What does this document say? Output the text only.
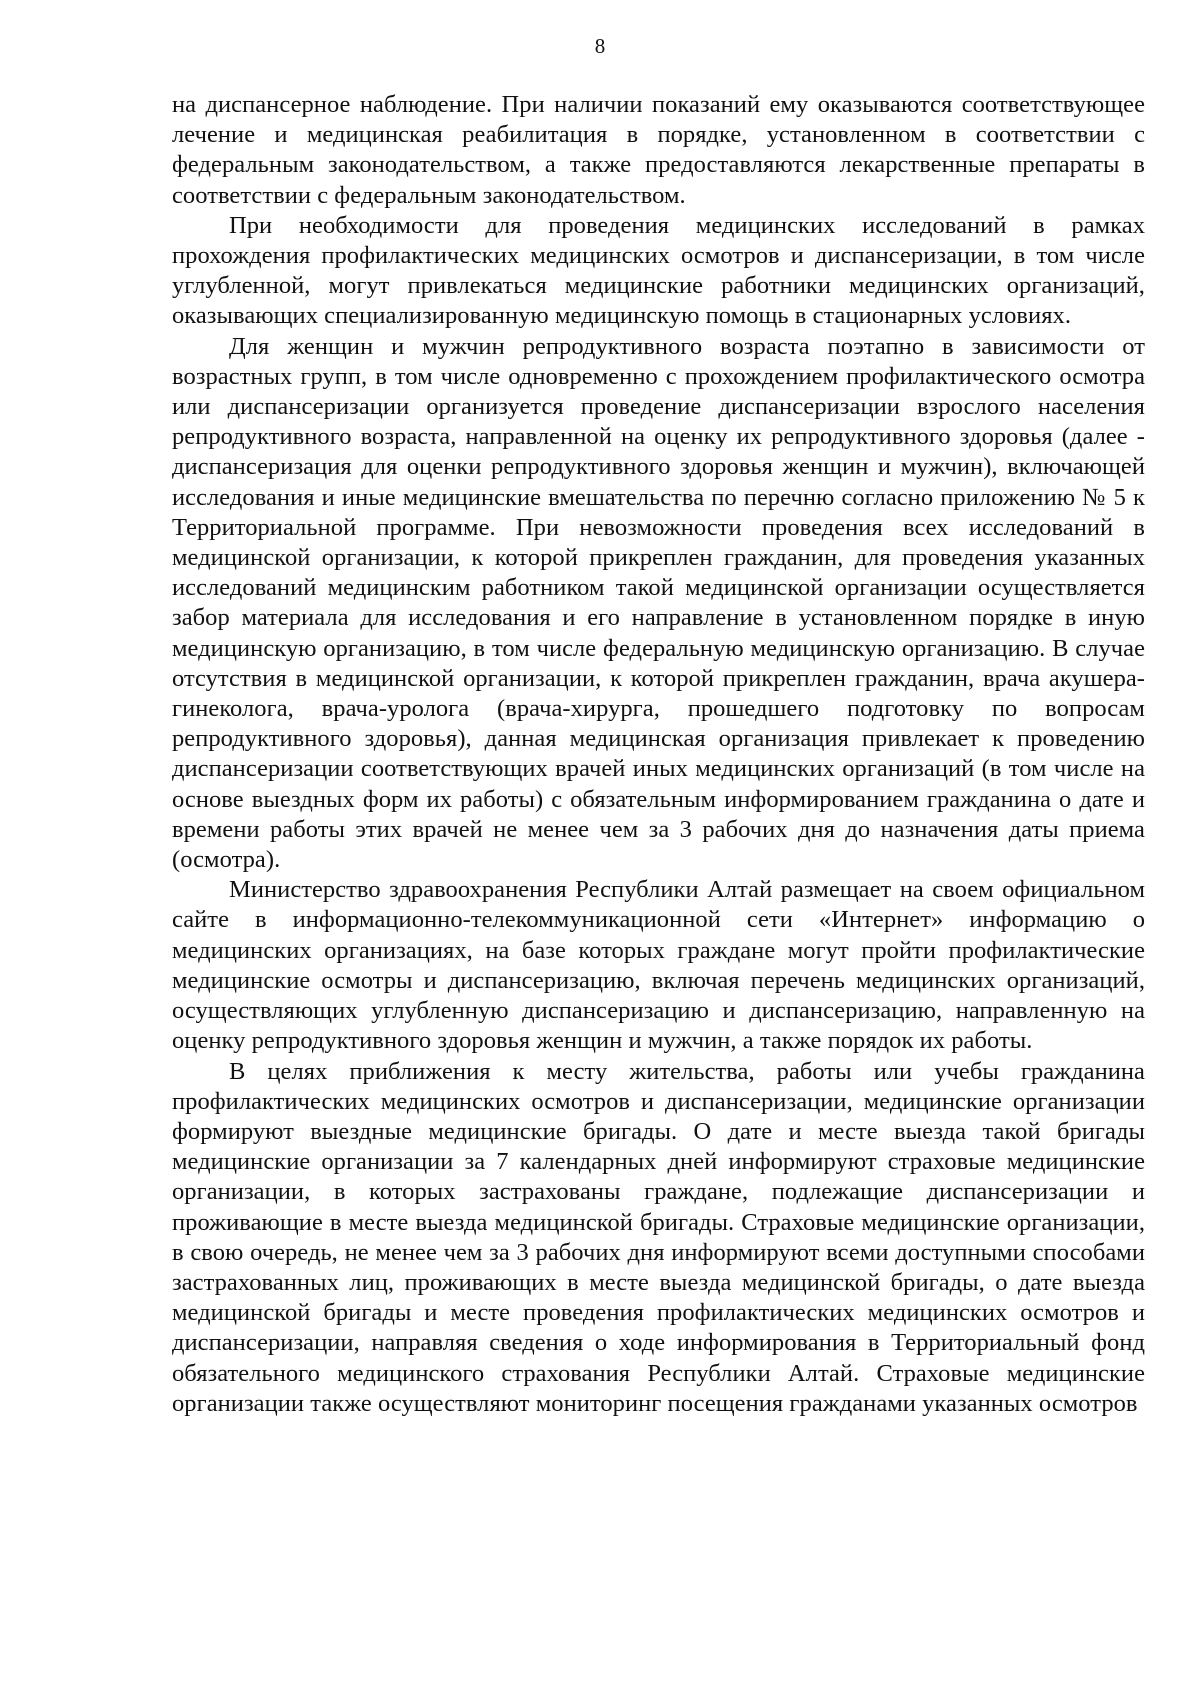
8

на диспансерное наблюдение. При наличии показаний ему оказываются соответствующее лечение и медицинская реабилитация в порядке, установленном в соответствии с федеральным законодательством, а также предоставляются лекарственные препараты в соответствии с федеральным законодательством.

При необходимости для проведения медицинских исследований в рамках прохождения профилактических медицинских осмотров и диспансеризации, в том числе углубленной, могут привлекаться медицинские работники медицинских организаций, оказывающих специализированную медицинскую помощь в стационарных условиях.

Для женщин и мужчин репродуктивного возраста поэтапно в зависимости от возрастных групп, в том числе одновременно с прохождением профилактического осмотра или диспансеризации организуется проведение диспансеризации взрослого населения репродуктивного возраста, направленной на оценку их репродуктивного здоровья (далее - диспансеризация для оценки репродуктивного здоровья женщин и мужчин), включающей исследования и иные медицинские вмешательства по перечню согласно приложению № 5 к Территориальной программе. При невозможности проведения всех исследований в медицинской организации, к которой прикреплен гражданин, для проведения указанных исследований медицинским работником такой медицинской организации осуществляется забор материала для исследования и его направление в установленном порядке в иную медицинскую организацию, в том числе федеральную медицинскую организацию. В случае отсутствия в медицинской организации, к которой прикреплен гражданин, врача акушера-гинеколога, врача-уролога (врача-хирурга, прошедшего подготовку по вопросам репродуктивного здоровья), данная медицинская организация привлекает к проведению диспансеризации соответствующих врачей иных медицинских организаций (в том числе на основе выездных форм их работы) с обязательным информированием гражданина о дате и времени работы этих врачей не менее чем за 3 рабочих дня до назначения даты приема (осмотра).

Министерство здравоохранения Республики Алтай размещает на своем официальном сайте в информационно-телекоммуникационной сети «Интернет» информацию о медицинских организациях, на базе которых граждане могут пройти профилактические медицинские осмотры и диспансеризацию, включая перечень медицинских организаций, осуществляющих углубленную диспансеризацию и диспансеризацию, направленную на оценку репродуктивного здоровья женщин и мужчин, а также порядок их работы.

В целях приближения к месту жительства, работы или учебы гражданина профилактических медицинских осмотров и диспансеризации, медицинские организации формируют выездные медицинские бригады. О дате и месте выезда такой бригады медицинские организации за 7 календарных дней информируют страховые медицинские организации, в которых застрахованы граждане, подлежащие диспансеризации и проживающие в месте выезда медицинской бригады. Страховые медицинские организации, в свою очередь, не менее чем за 3 рабочих дня информируют всеми доступными способами застрахованных лиц, проживающих в месте выезда медицинской бригады, о дате выезда медицинской бригады и месте проведения профилактических медицинских осмотров и диспансеризации, направляя сведения о ходе информирования в Территориальный фонд обязательного медицинского страхования Республики Алтай. Страховые медицинские организации также осуществляют мониторинг посещения гражданами указанных осмотров
